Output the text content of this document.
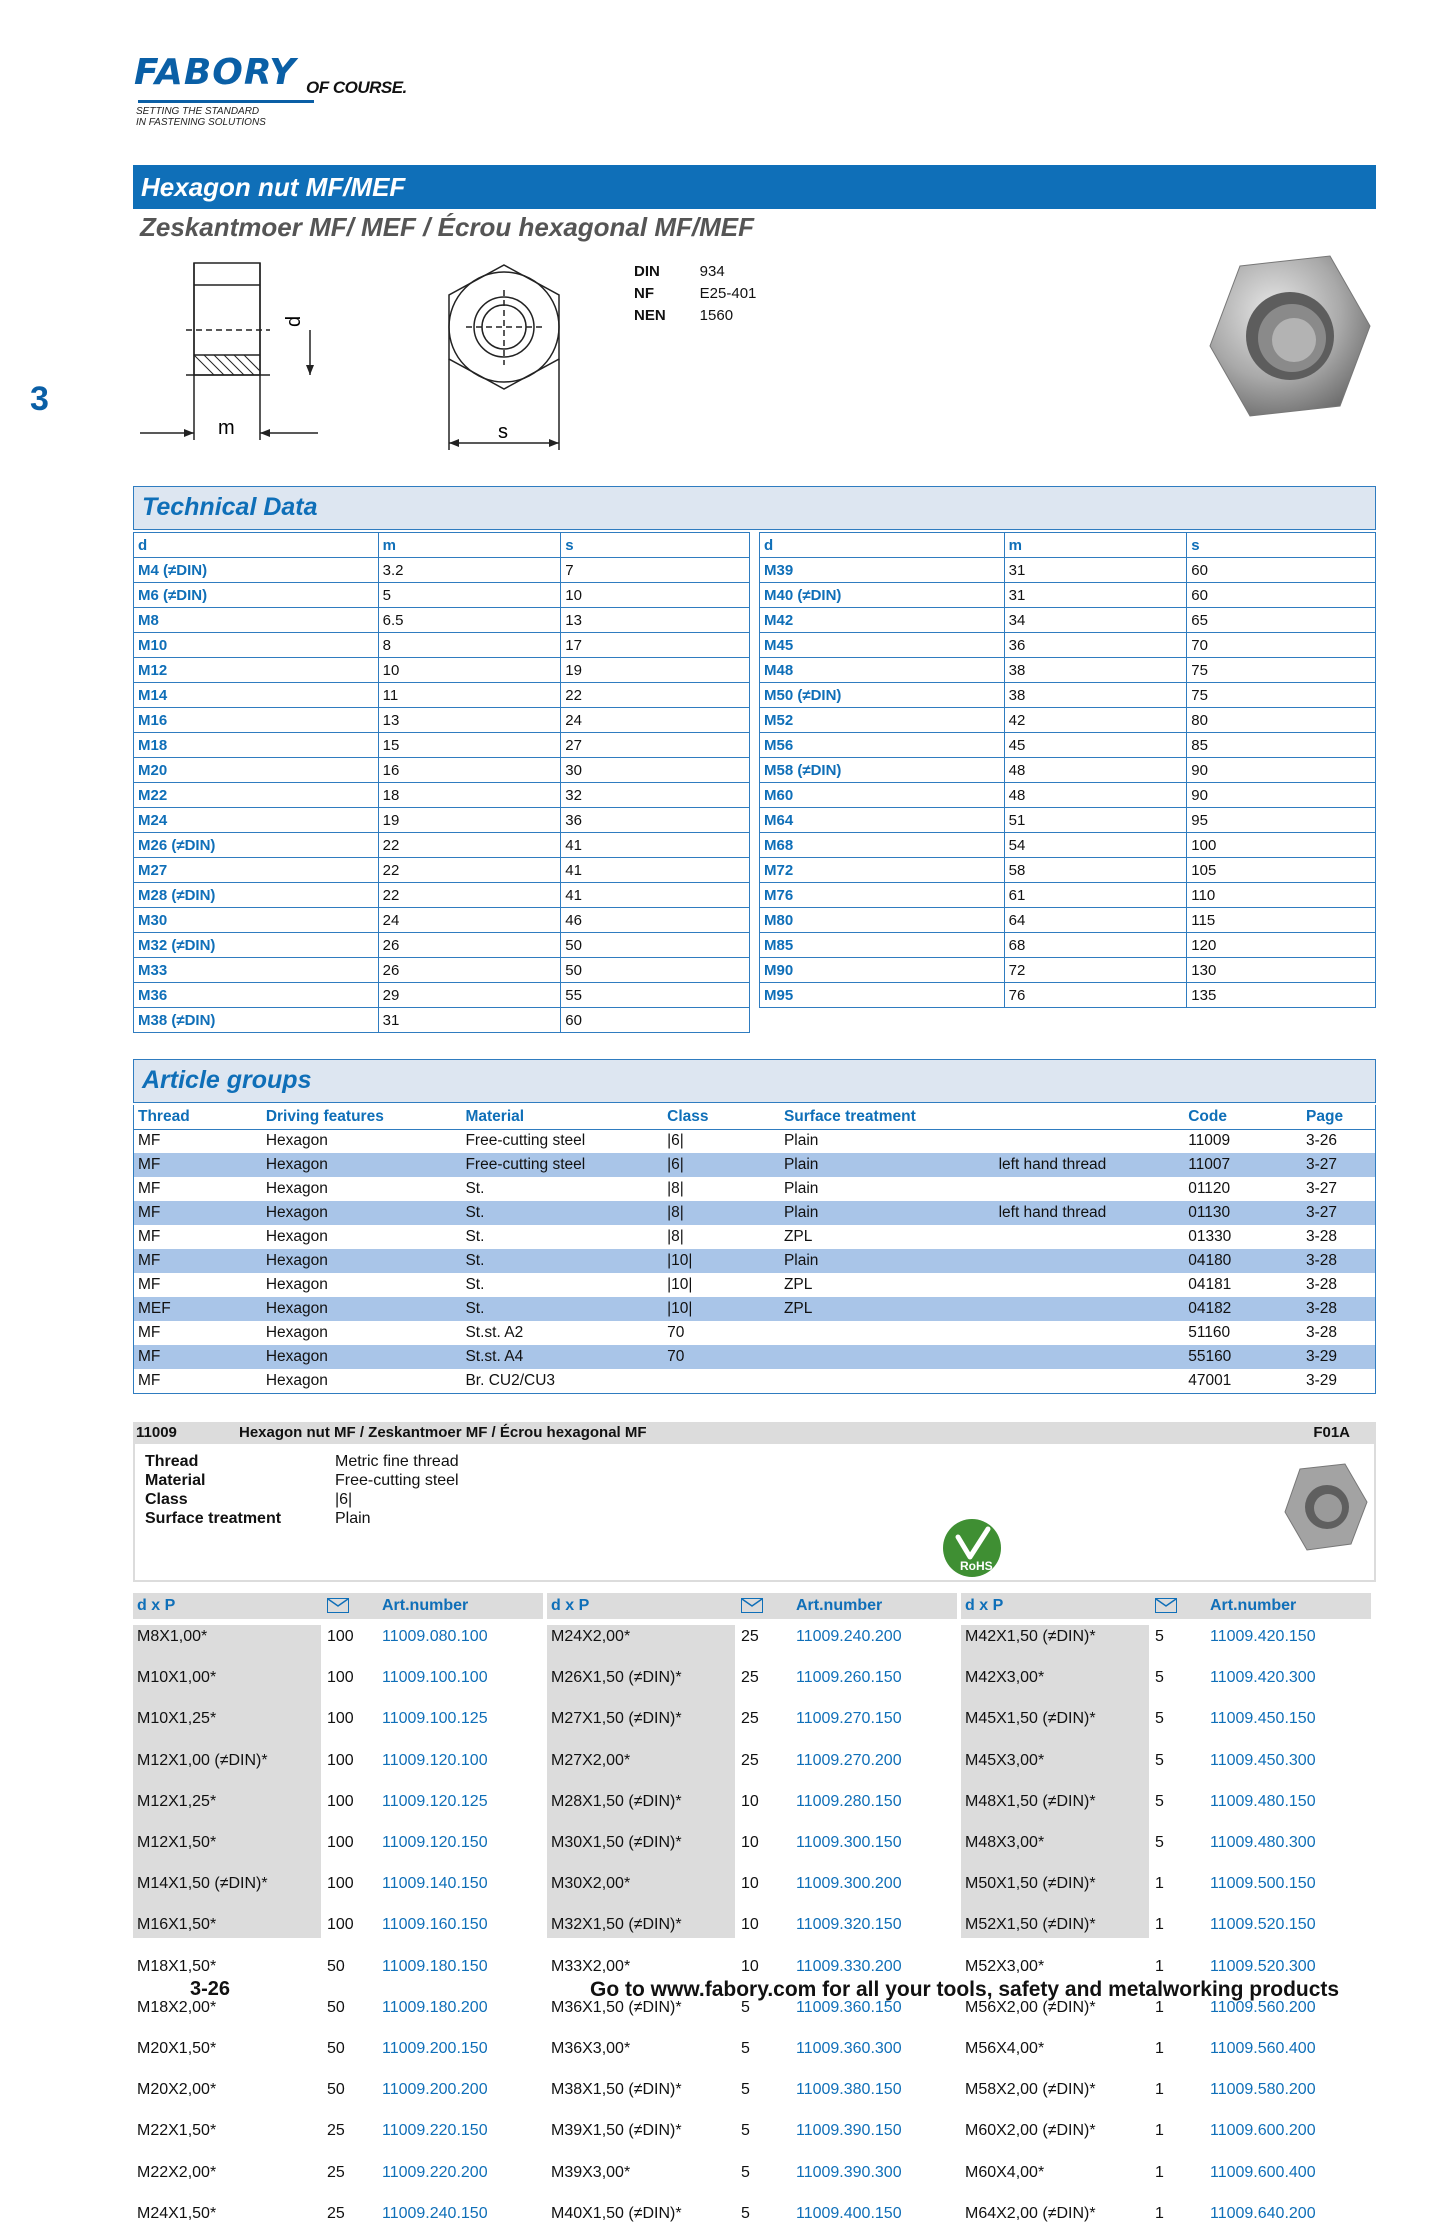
FABORY OF COURSE.
SETTING THE STANDARD
IN FASTENING SOLUTIONS
3
Hexagon nut MF/MEF
Zeskantmoer MF/ MEF / Écrou hexagonal MF/MEF
m
d
s
DIN	934
NF	E25-401
NEN	1560
Technical Data
d	m	s
M4 (≠DIN)	3.2	7
M6 (≠DIN)	5	10
M8	6.5	13
M10	8	17
M12	10	19
M14	11	22
M16	13	24
M18	15	27
M20	16	30
M22	18	32
M24	19	36
M26 (≠DIN)	22	41
M27	22	41
M28 (≠DIN)	22	41
M30	24	46
M32 (≠DIN)	26	50
M33	26	50
M36	29	55
M38 (≠DIN)	31	60
d	m	s
M39	31	60
M40 (≠DIN)	31	60
M42	34	65
M45	36	70
M48	38	75
M50 (≠DIN)	38	75
M52	42	80
M56	45	85
M58 (≠DIN)	48	90
M60	48	90
M64	51	95
M68	54	100
M72	58	105
M76	61	110
M80	64	115
M85	68	120
M90	72	130
M95	76	135
Article groups
Thread	Driving features	Material	Class	Surface treatment		Code	Page
MF	Hexagon	Free-cutting steel	|6|	Plain		11009	3-26
MF	Hexagon	Free-cutting steel	|6|	Plain	left hand thread	11007	3-27
MF	Hexagon	St.	|8|	Plain		01120	3-27
MF	Hexagon	St.	|8|	Plain	left hand thread	01130	3-27
MF	Hexagon	St.	|8|	ZPL		01330	3-28
MF	Hexagon	St.	|10|	Plain		04180	3-28
MF	Hexagon	St.	|10|	ZPL		04181	3-28
MEF	Hexagon	St.	|10|	ZPL		04182	3-28
MF	Hexagon	St.st. A2	70			51160	3-28
MF	Hexagon	St.st. A4	70			55160	3-29
MF	Hexagon	Br. CU2/CU3				47001	3-29
11009	Hexagon nut MF / Zeskantmoer MF / Écrou hexagonal MF	F01A
Thread	Metric fine thread
Material	Free-cutting steel
Class	|6|
Surface treatment	Plain
RoHS
d x P	Art.number
M8X1,00*	100 11009.080.100
M10X1,00*	100 11009.100.100
M10X1,25*	100 11009.100.125
M12X1,00 (≠DIN)*	100 11009.120.100
M12X1,25*	100 11009.120.125
M12X1,50*	100 11009.120.150
M14X1,50 (≠DIN)*	100 11009.140.150
M16X1,50*	100 11009.160.150
M18X1,50*	50 11009.180.150
M18X2,00*	50 11009.180.200
M20X1,50*	50 11009.200.150
M20X2,00*	50 11009.200.200
M22X1,50*	25 11009.220.150
M22X2,00*	25 11009.220.200
M24X1,50*	25 11009.240.150
d x P	Art.number
M24X2,00*	25 11009.240.200
M26X1,50 (≠DIN)*	25 11009.260.150
M27X1,50 (≠DIN)*	25 11009.270.150
M27X2,00*	25 11009.270.200
M28X1,50 (≠DIN)*	10 11009.280.150
M30X1,50 (≠DIN)*	10 11009.300.150
M30X2,00*	10 11009.300.200
M32X1,50 (≠DIN)*	10 11009.320.150
M33X2,00*	10 11009.330.200
M36X1,50 (≠DIN)*	5	11009.360.150
M36X3,00*	5	11009.360.300
M38X1,50 (≠DIN)*	5	11009.380.150
M39X1,50 (≠DIN)*	5	11009.390.150
M39X3,00*	5	11009.390.300
M40X1,50 (≠DIN)*	5	11009.400.150
d x P	Art.number
M42X1,50 (≠DIN)*	5	11009.420.150
M42X3,00*	5	11009.420.300
M45X1,50 (≠DIN)*	5	11009.450.150
M45X3,00*	5	11009.450.300
M48X1,50 (≠DIN)*	5	11009.480.150
M48X3,00*	5	11009.480.300
M50X1,50 (≠DIN)*	1	11009.500.150
M52X1,50 (≠DIN)*	1	11009.520.150
M52X3,00*	1	11009.520.300
M56X2,00 (≠DIN)*	1	11009.560.200
M56X4,00*	1	11009.560.400
M58X2,00 (≠DIN)*	1	11009.580.200
M60X2,00 (≠DIN)*	1	11009.600.200
M60X4,00*	1	11009.600.400
M64X2,00 (≠DIN)*	1	11009.640.200
3-26	Go to www.fabory.com for all your tools, safety and metalworking products
